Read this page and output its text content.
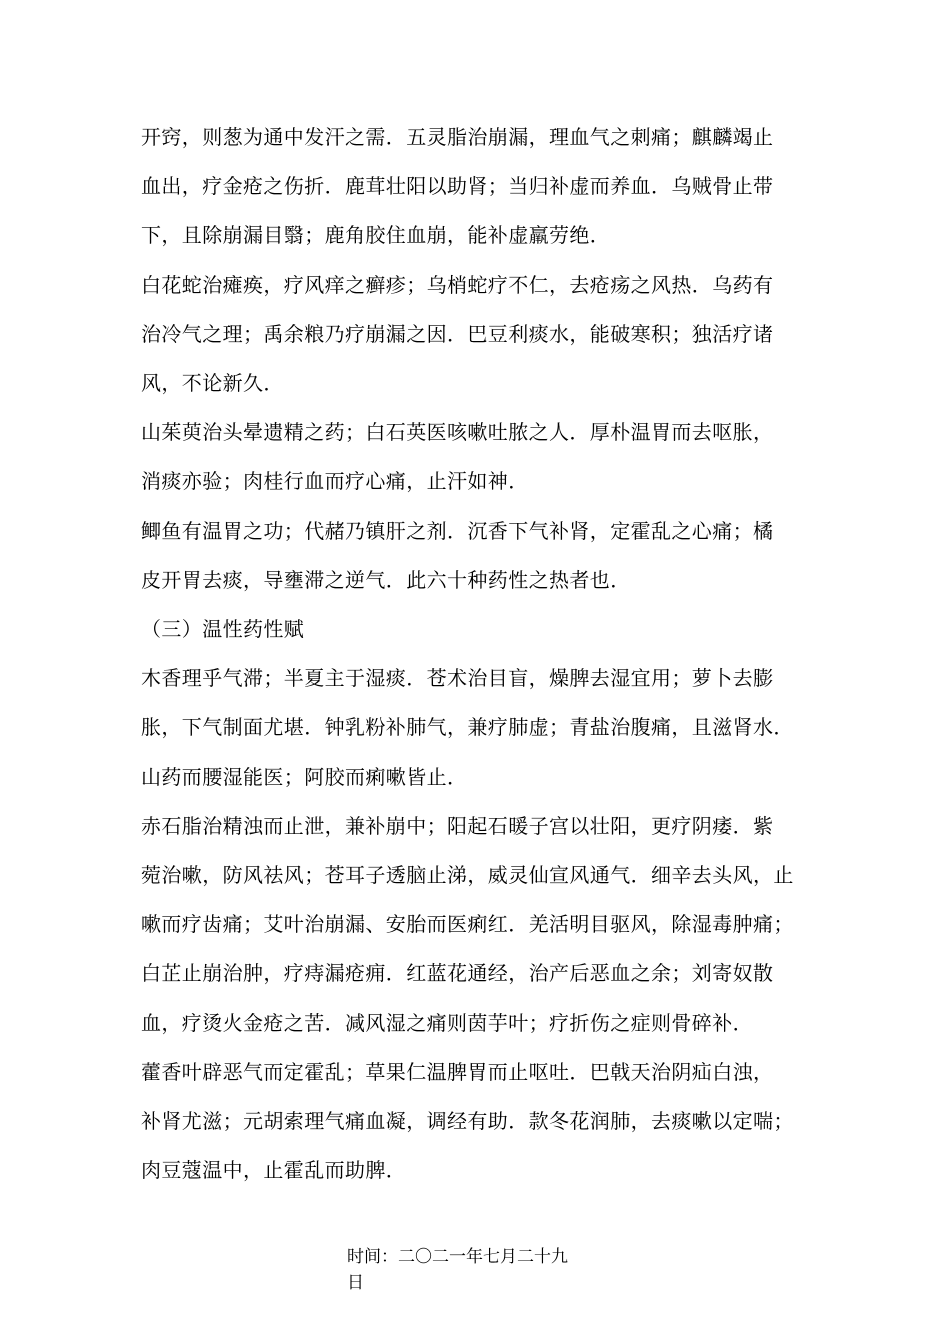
开窍，则葱为通中发汗之需．五灵脂治崩漏，理血气之刺痛；麒麟竭止
血出，疗金疮之伤折．鹿茸壮阳以助肾；当归补虚而养血．乌贼骨止带
下，且除崩漏目翳；鹿角胶住血崩，能补虚羸劳绝．

白花蛇治瘫痪，疗风痒之癣疹；乌梢蛇疗不仁，去疮疡之风热．乌药有
治冷气之理；禹余粮乃疗崩漏之因．巴豆利痰水，能破寒积；独活疗诸
风，不论新久．

山茱萸治头晕遗精之药；白石英医咳嗽吐脓之人．厚朴温胃而去呕胀，
消痰亦验；肉桂行血而疗心痛，止汗如神．

鲫鱼有温胃之功；代赭乃镇肝之剂．沉香下气补肾，定霍乱之心痛；橘
皮开胃去痰，导壅滞之逆气．此六十种药性之热者也．

（三）温性药性赋

木香理乎气滞；半夏主于湿痰．苍术治目盲，燥脾去湿宜用；萝卜去膨
胀，下气制面尤堪．钟乳粉补肺气，兼疗肺虚；青盐治腹痛，且滋肾水．
山药而腰湿能医；阿胶而痢嗽皆止．

赤石脂治精浊而止泄，兼补崩中；阳起石暖子宫以壮阳，更疗阴痿．紫
菀治嗽，防风祛风；苍耳子透脑止涕，威灵仙宣风通气．细辛去头风，止
嗽而疗齿痛；艾叶治崩漏、安胎而医痢红．羌活明目驱风，除湿毒肿痛；
白芷止崩治肿，疗痔漏疮痈．红蓝花通经，治产后恶血之余；刘寄奴散
血，疗烫火金疮之苦．减风湿之痛则茵芋叶；疗折伤之症则骨碎补．

藿香叶辟恶气而定霍乱；草果仁温脾胃而止呕吐．巴戟天治阴疝白浊，
补肾尤滋；元胡索理气痛血凝，调经有助．款冬花润肺，去痰嗽以定喘；
肉豆蔻温中，止霍乱而助脾．

时间：二〇二一年七月二十九
日
